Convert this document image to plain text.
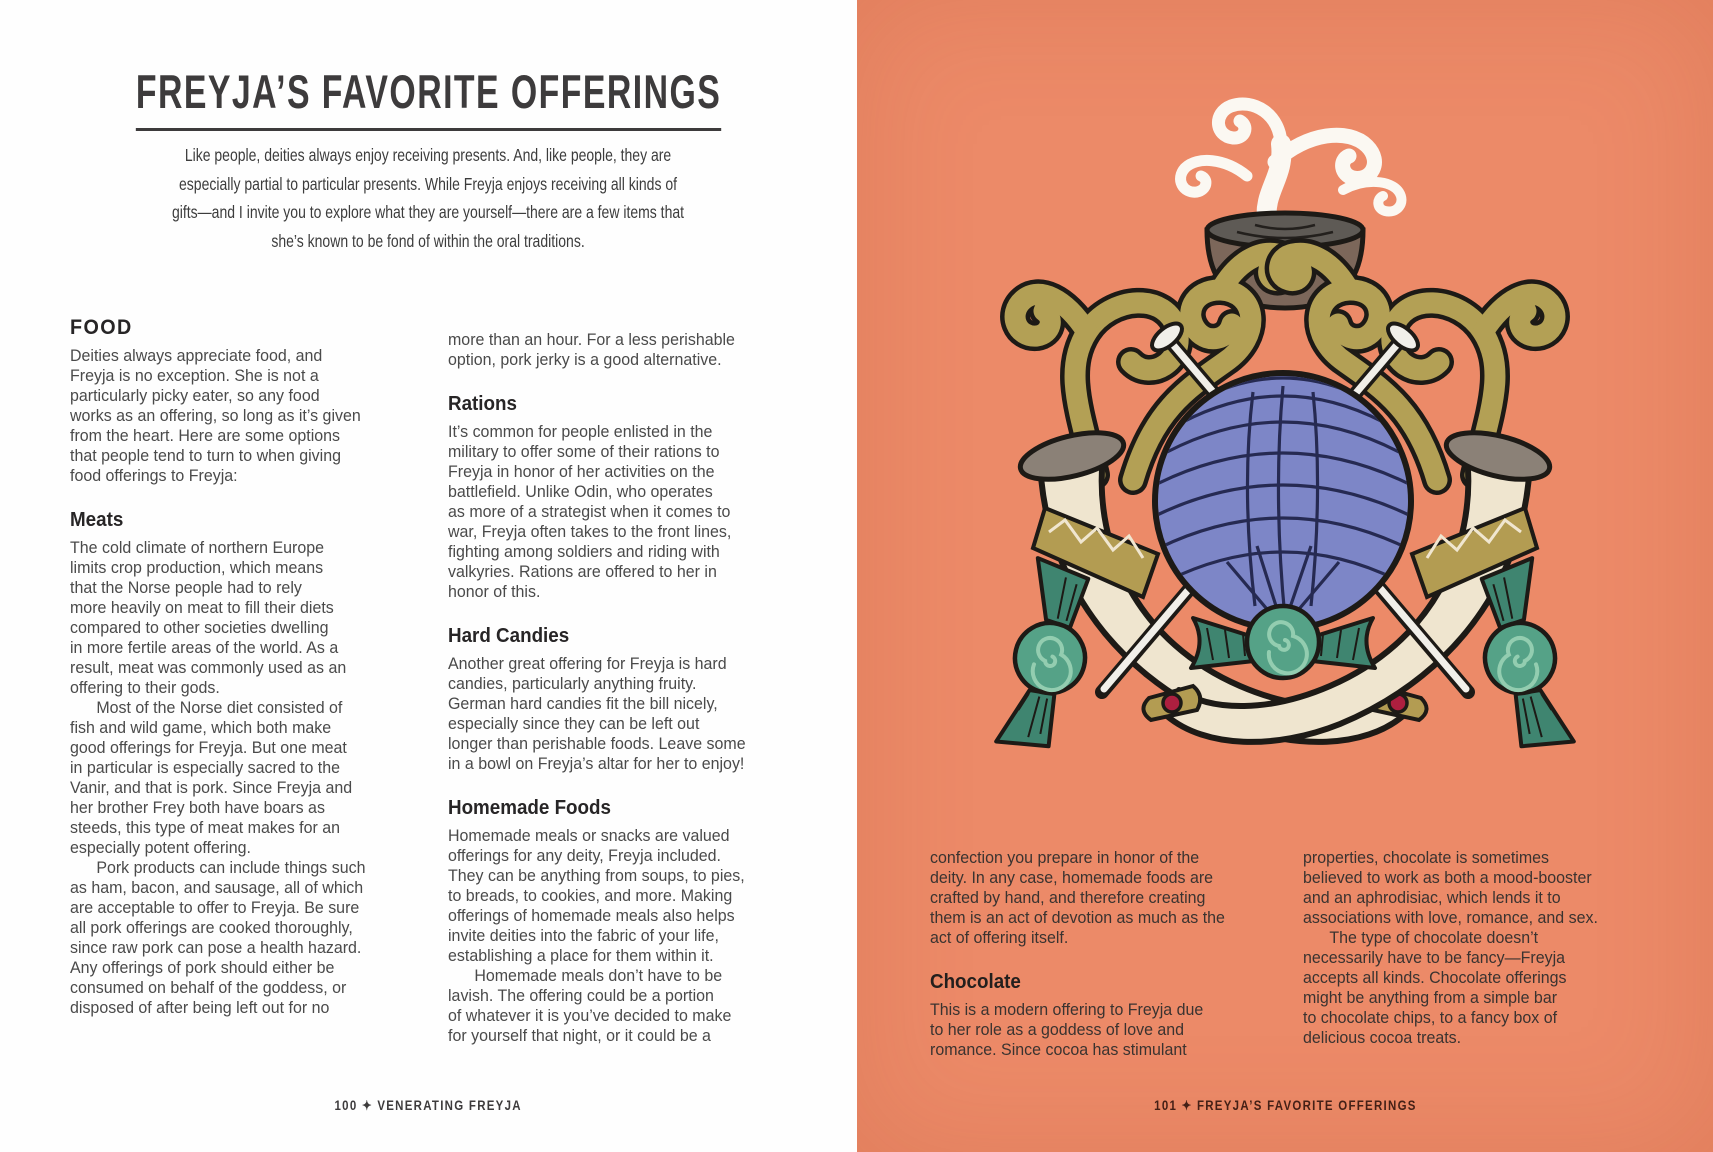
FREYJA’S FAVORITE OFFERINGS
Like people, deities always enjoy receiving presents. And, like people, they are
especially partial to particular presents. While Freyja enjoys receiving all kinds of
gifts—and I invite you to explore what they are yourself—there are a few items that
she’s known to be fond of within the oral traditions.
FOOD

Deities always appreciate food, and
Freyja is no exception. She is not a
particularly picky eater, so any food
works as an offering, so long as it’s given
from the heart. Here are some options
that people tend to turn to when giving
food offerings to Freyja:

Meats

The cold climate of northern Europe
limits crop production, which means
that the Norse people had to rely
more heavily on meat to fill their diets
compared to other societies dwelling
in more fertile areas of the world. As a
result, meat was commonly used as an
offering to their gods.

Most of the Norse diet consisted of
fish and wild game, which both make
good offerings for Freyja. But one meat
in particular is especially sacred to the
Vanir, and that is pork. Since Freyja and
her brother Frey both have boars as
steeds, this type of meat makes for an
especially potent offering.

Pork products can include things such
as ham, bacon, and sausage, all of which
are acceptable to offer to Freyja. Be sure
all pork offerings are cooked thoroughly,
since raw pork can pose a health hazard.
Any offerings of pork should either be
consumed on behalf of the goddess, or
disposed of after being left out for no

more than an hour. For a less perishable
option, pork jerky is a good alternative.

Rations

It’s common for people enlisted in the
military to offer some of their rations to
Freyja in honor of her activities on the
battlefield. Unlike Odin, who operates
as more of a strategist when it comes to
war, Freyja often takes to the front lines,
fighting among soldiers and riding with
valkyries. Rations are offered to her in
honor of this.

Hard Candies

Another great offering for Freyja is hard
candies, particularly anything fruity.
German hard candies fit the bill nicely,
especially since they can be left out
longer than perishable foods. Leave some
in a bowl on Freyja’s altar for her to enjoy!

Homemade Foods

Homemade meals or snacks are valued
offerings for any deity, Freyja included.
They can be anything from soups, to pies,
to breads, to cookies, and more. Making
offerings of homemade meals also helps
invite deities into the fabric of your life,
establishing a place for them within it.

Homemade meals don’t have to be
lavish. The offering could be a portion
of whatever it is you’ve decided to make
for yourself that night, or it could be a

100 ✦ VENERATING FREYJA

confection you prepare in honor of the
deity. In any case, homemade foods are
crafted by hand, and therefore creating
them is an act of devotion as much as the
act of offering itself.

Chocolate

This is a modern offering to Freyja due
to her role as a goddess of love and
romance. Since cocoa has stimulant

properties, chocolate is sometimes
believed to work as both a mood-booster
and an aphrodisiac, which lends it to
associations with love, romance, and sex.

The type of chocolate doesn’t
necessarily have to be fancy—Freyja
accepts all kinds. Chocolate offerings
might be anything from a simple bar
to chocolate chips, to a fancy box of
delicious cocoa treats.

101 ✦ FREYJA’S FAVORITE OFFERINGS
